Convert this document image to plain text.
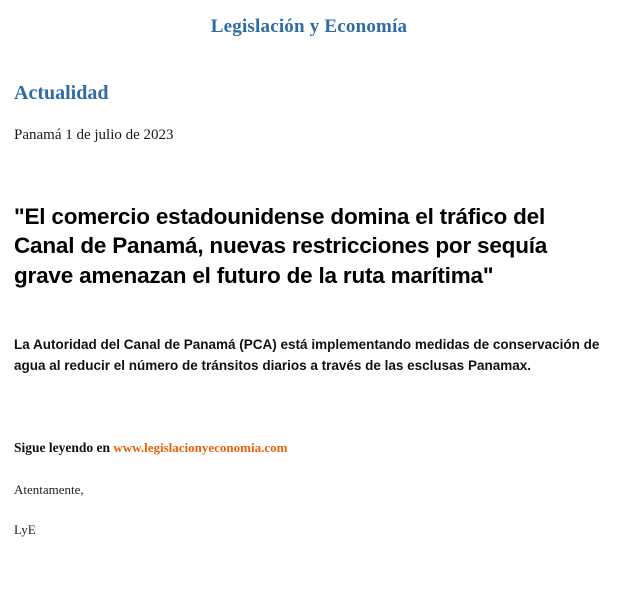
Legislación y Economía
Actualidad
Panamá 1 de julio de 2023
"El comercio estadounidense domina el tráfico del Canal de Panamá, nuevas restricciones por sequía grave amenazan el futuro de la ruta marítima"

La Autoridad del Canal de Panamá (PCA) está implementando medidas de conservación de agua al reducir el número de tránsitos diarios a través de las esclusas Panamax.

Sigue leyendo en www.legislacionyeconomia.com
Atentamente,
LyE
